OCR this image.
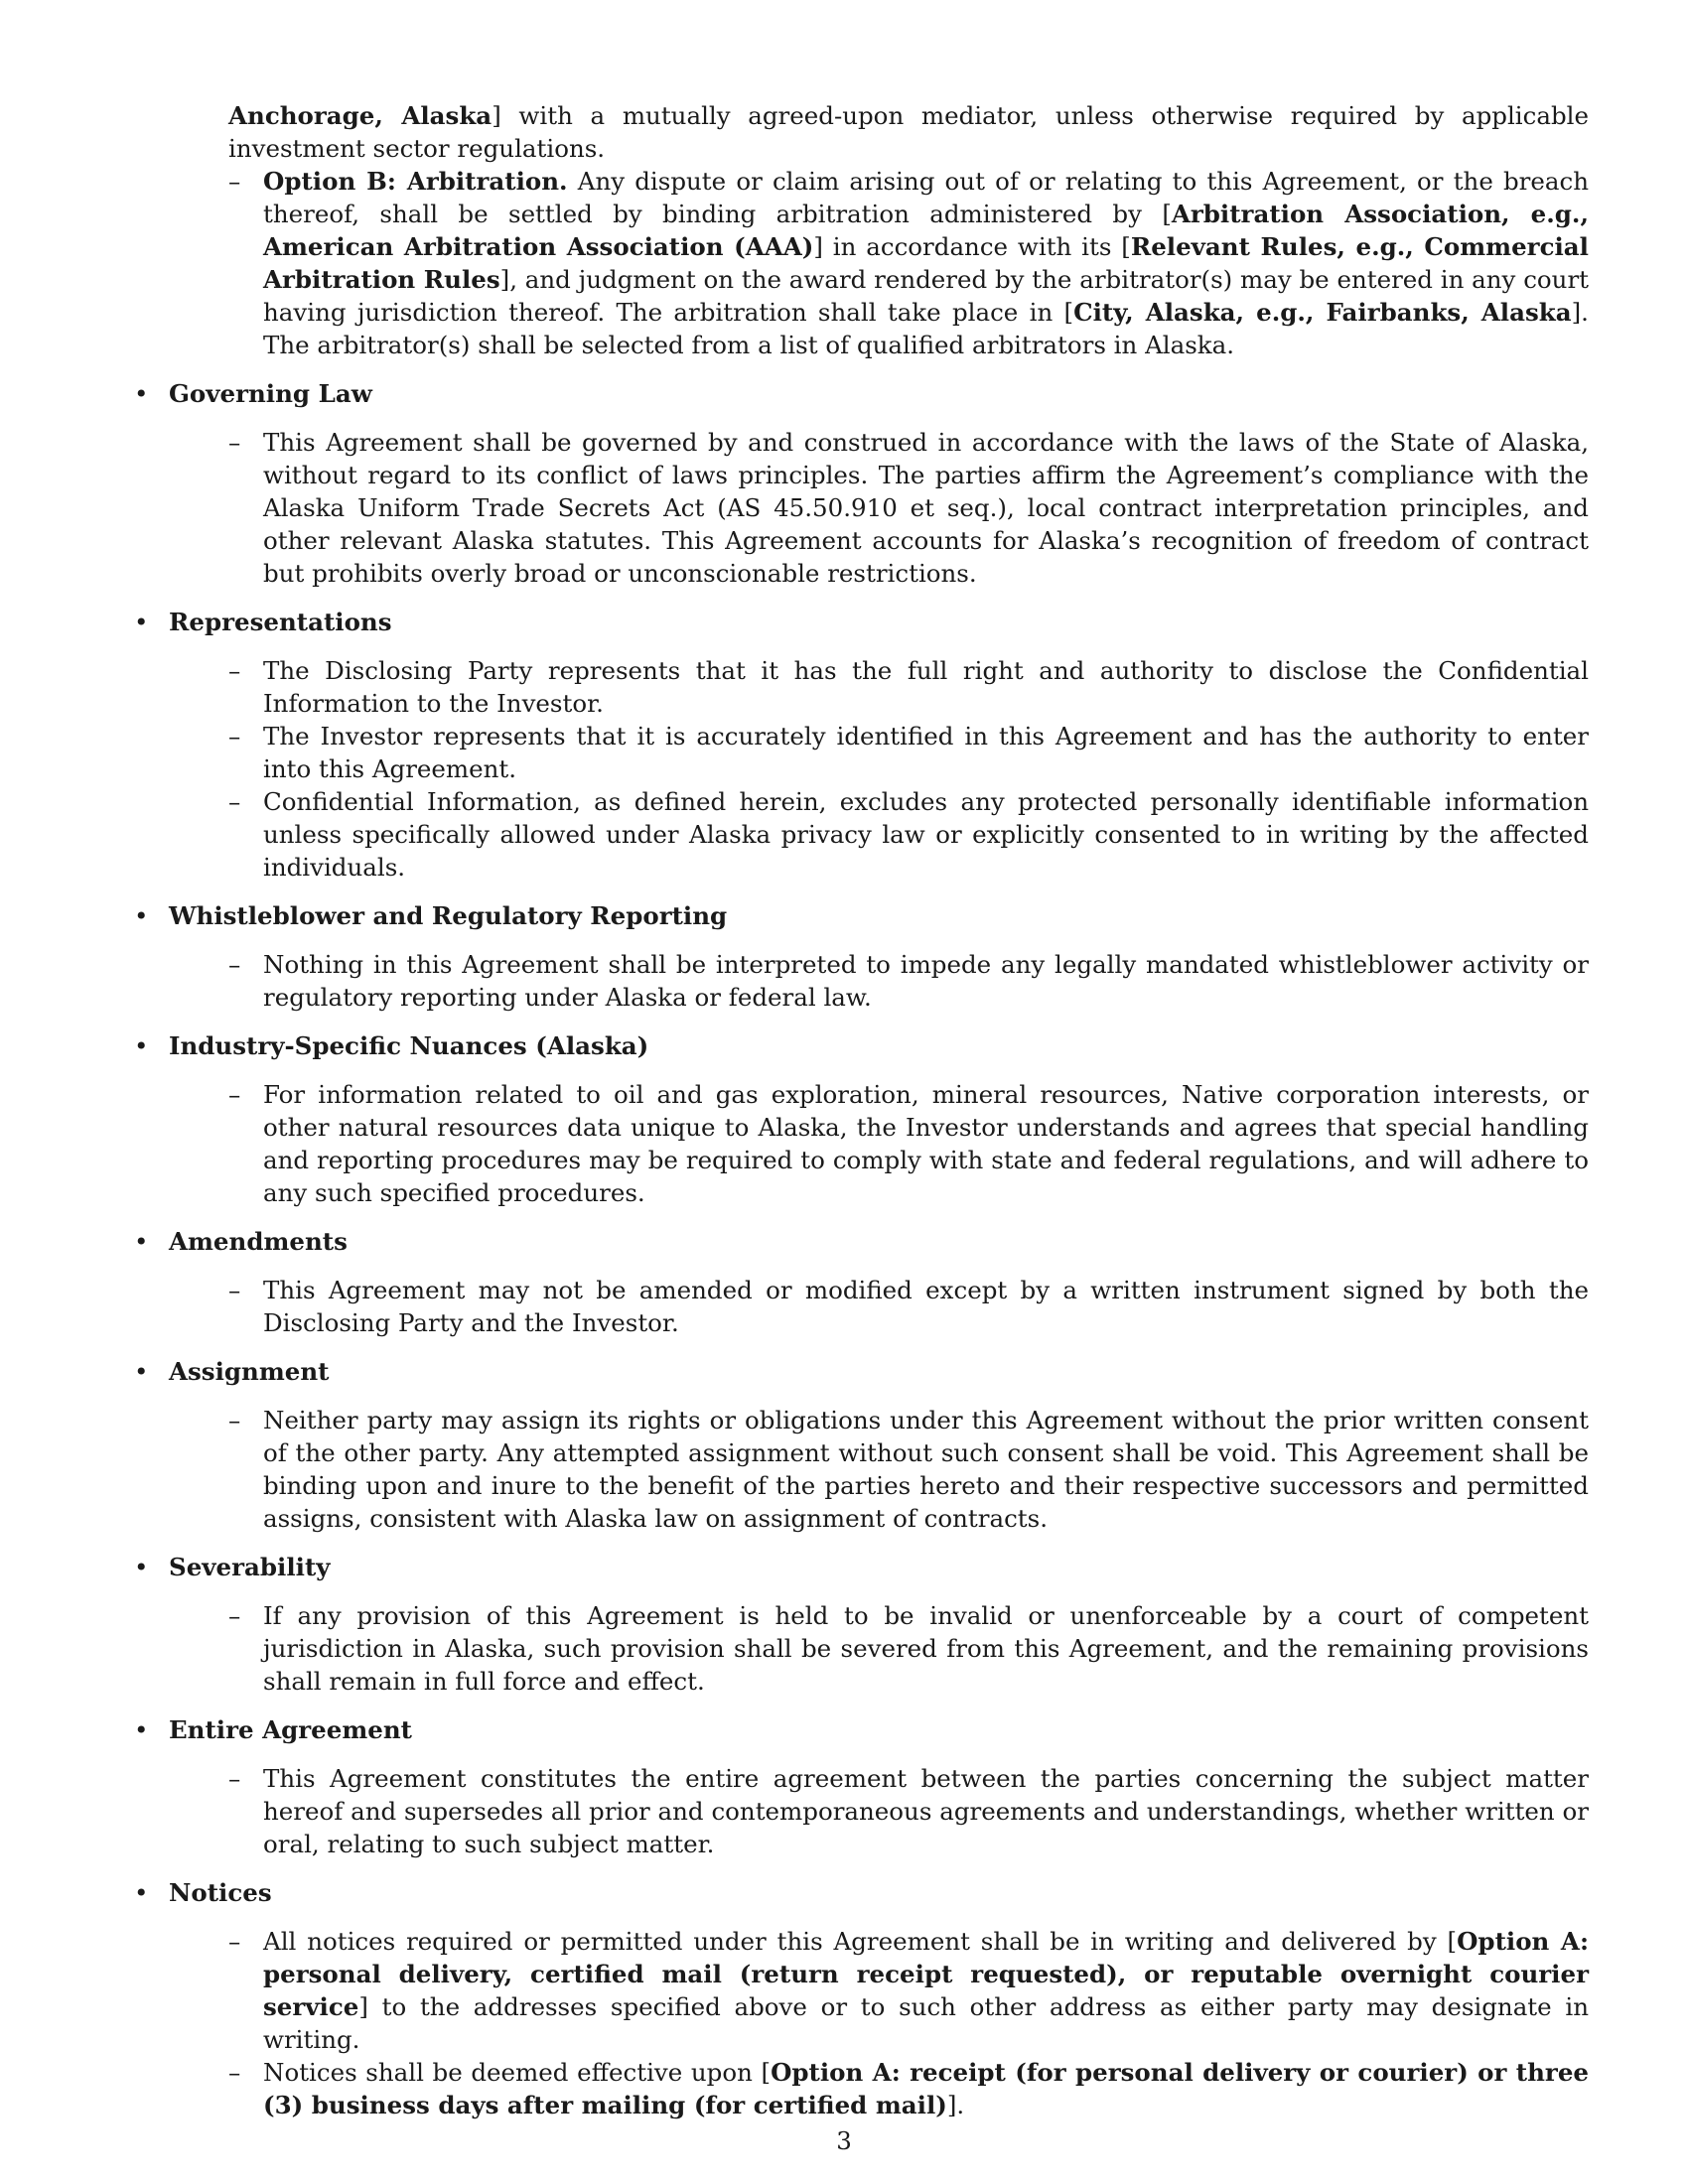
Anchorage, Alaska] with a mutually agreed-upon mediator, unless otherwise required by applicable investment sector regulations.
– Option B: Arbitration. Any dispute or claim arising out of or relating to this Agreement, or the breach thereof, shall be settled by binding arbitration administered by [Arbitration Association, e.g., American Arbitration Association (AAA)] in accordance with its [Relevant Rules, e.g., Commercial Arbitration Rules], and judgment on the award rendered by the arbitrator(s) may be entered in any court having jurisdiction thereof. The arbitration shall take place in [City, Alaska, e.g., Fairbanks, Alaska]. The arbitrator(s) shall be selected from a list of qualified arbitrators in Alaska.
• Governing Law
– This Agreement shall be governed by and construed in accordance with the laws of the State of Alaska, without regard to its conflict of laws principles. The parties affirm the Agreement’s compliance with the Alaska Uniform Trade Secrets Act (AS 45.50.910 et seq.), local contract interpretation principles, and other relevant Alaska statutes. This Agreement accounts for Alaska’s recognition of freedom of contract but prohibits overly broad or unconscionable restrictions.
• Representations
– The Disclosing Party represents that it has the full right and authority to disclose the Confidential Information to the Investor.
– The Investor represents that it is accurately identified in this Agreement and has the authority to enter into this Agreement.
– Confidential Information, as defined herein, excludes any protected personally identifiable information unless specifically allowed under Alaska privacy law or explicitly consented to in writing by the affected individuals.
• Whistleblower and Regulatory Reporting
– Nothing in this Agreement shall be interpreted to impede any legally mandated whistleblower activity or regulatory reporting under Alaska or federal law.
• Industry-Specific Nuances (Alaska)
– For information related to oil and gas exploration, mineral resources, Native corporation interests, or other natural resources data unique to Alaska, the Investor understands and agrees that special handling and reporting procedures may be required to comply with state and federal regulations, and will adhere to any such specified procedures.
• Amendments
– This Agreement may not be amended or modified except by a written instrument signed by both the Disclosing Party and the Investor.
• Assignment
– Neither party may assign its rights or obligations under this Agreement without the prior written consent of the other party. Any attempted assignment without such consent shall be void. This Agreement shall be binding upon and inure to the benefit of the parties hereto and their respective successors and permitted assigns, consistent with Alaska law on assignment of contracts.
• Severability
– If any provision of this Agreement is held to be invalid or unenforceable by a court of competent jurisdiction in Alaska, such provision shall be severed from this Agreement, and the remaining provisions shall remain in full force and effect.
• Entire Agreement
– This Agreement constitutes the entire agreement between the parties concerning the subject matter hereof and supersedes all prior and contemporaneous agreements and understandings, whether written or oral, relating to such subject matter.
• Notices
– All notices required or permitted under this Agreement shall be in writing and delivered by [Option A: personal delivery, certified mail (return receipt requested), or reputable overnight courier service] to the addresses specified above or to such other address as either party may designate in writing.
– Notices shall be deemed effective upon [Option A: receipt (for personal delivery or courier) or three (3) business days after mailing (for certified mail)].
3
